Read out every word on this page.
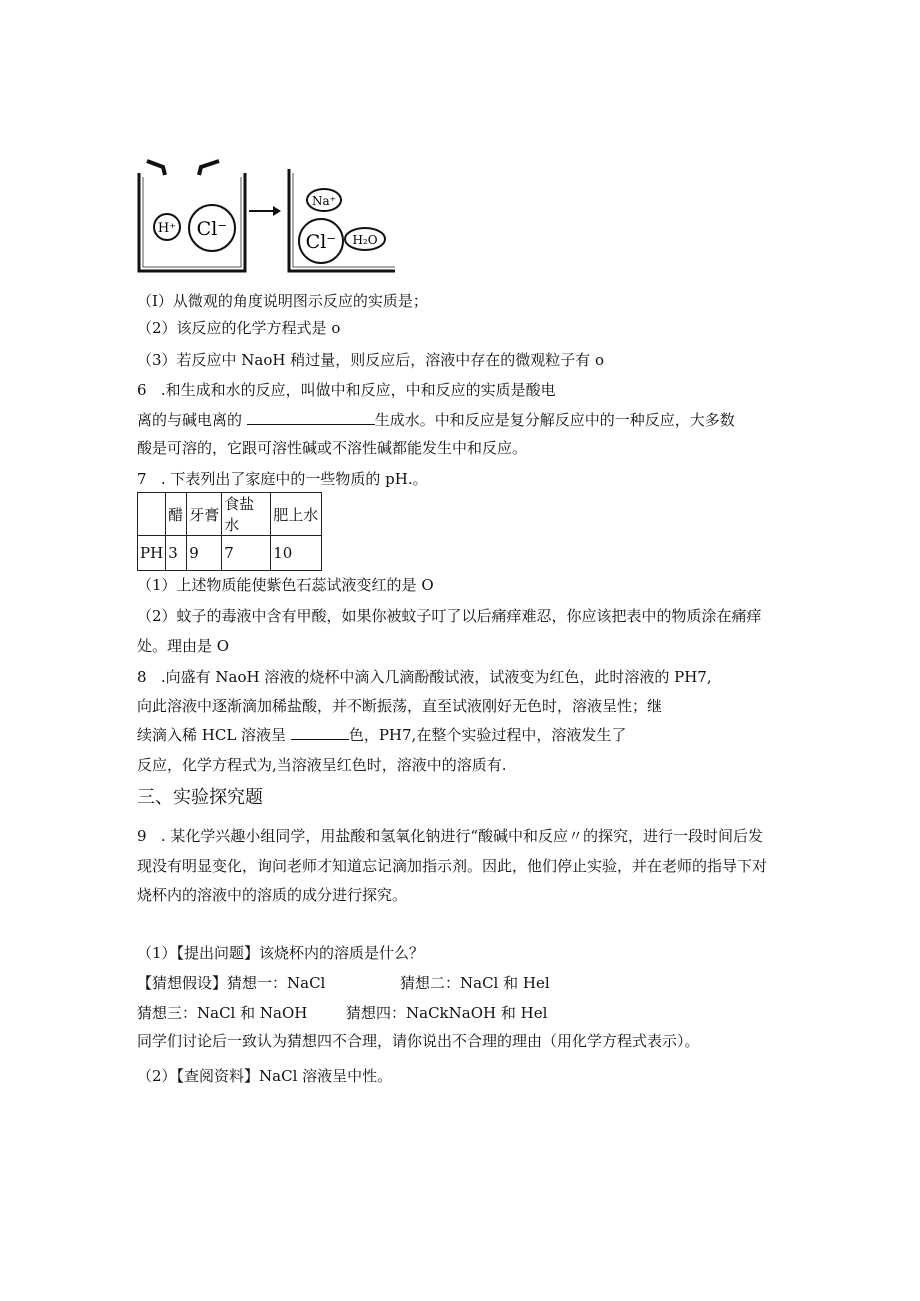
H⁺ Cl⁻
Na⁺
Cl⁻ H₂O
（I）从微观的角度说明图示反应的实质是；
（2）该反应的化学方程式是 o
（3）若反应中 NaoH 稍过量，则反应后，溶液中存在的微观粒子有 o
6   .和生成和水的反应，叫做中和反应，中和反应的实质是酸电
离的与碱电离的	生成水。中和反应是复分解反应中的一种反应，大多数
酸是可溶的，它跟可溶性碱或不溶性碱都能发生中和反应。
7   . 下表列出了家庭中的一些物质的 pH.。
	醋	牙膏	食盐水	肥上水
PH	3	9	7	10
（1）上述物质能使紫色石蕊试液变红的是 O
（2）蚊子的毒液中含有甲酸，如果你被蚊子叮了以后痛痒难忍，你应该把表中的物质涂在痛痒
处。理由是 O
8   .向盛有 NaoH 溶液的烧杯中滴入几滴酚酸试液，试液变为红色，此时溶液的 PH7,
向此溶液中逐渐滴加稀盐酸，并不断振荡，直至试液刚好无色时，溶液呈性；继
续滴入稀 HCL 溶液呈	色，PH7,在整个实验过程中，溶液发生了
反应，化学方程式为,当溶液呈红色时，溶液中的溶质有.
三、实验探究题
9   . 某化学兴趣小组同学，用盐酸和氢氧化钠进行“酸碱中和反应〃的探究，进行一段时间后发
现没有明显变化，询问老师才知道忘记滴加指示剂。因此，他们停止实验，并在老师的指导下对
烧杯内的溶液中的溶质的成分进行探究。
（1）【提出问题】该烧杯内的溶质是什么？
【猜想假设】猜想一：NaCl	猜想二：NaCl 和 Hel
猜想三：NaCl 和 NaOH	猜想四：NaCkNaOH 和 Hel
同学们讨论后一致认为猜想四不合理，请你说出不合理的理由（用化学方程式表示）。
（2）【查阅资料】NaCl 溶液呈中性。
